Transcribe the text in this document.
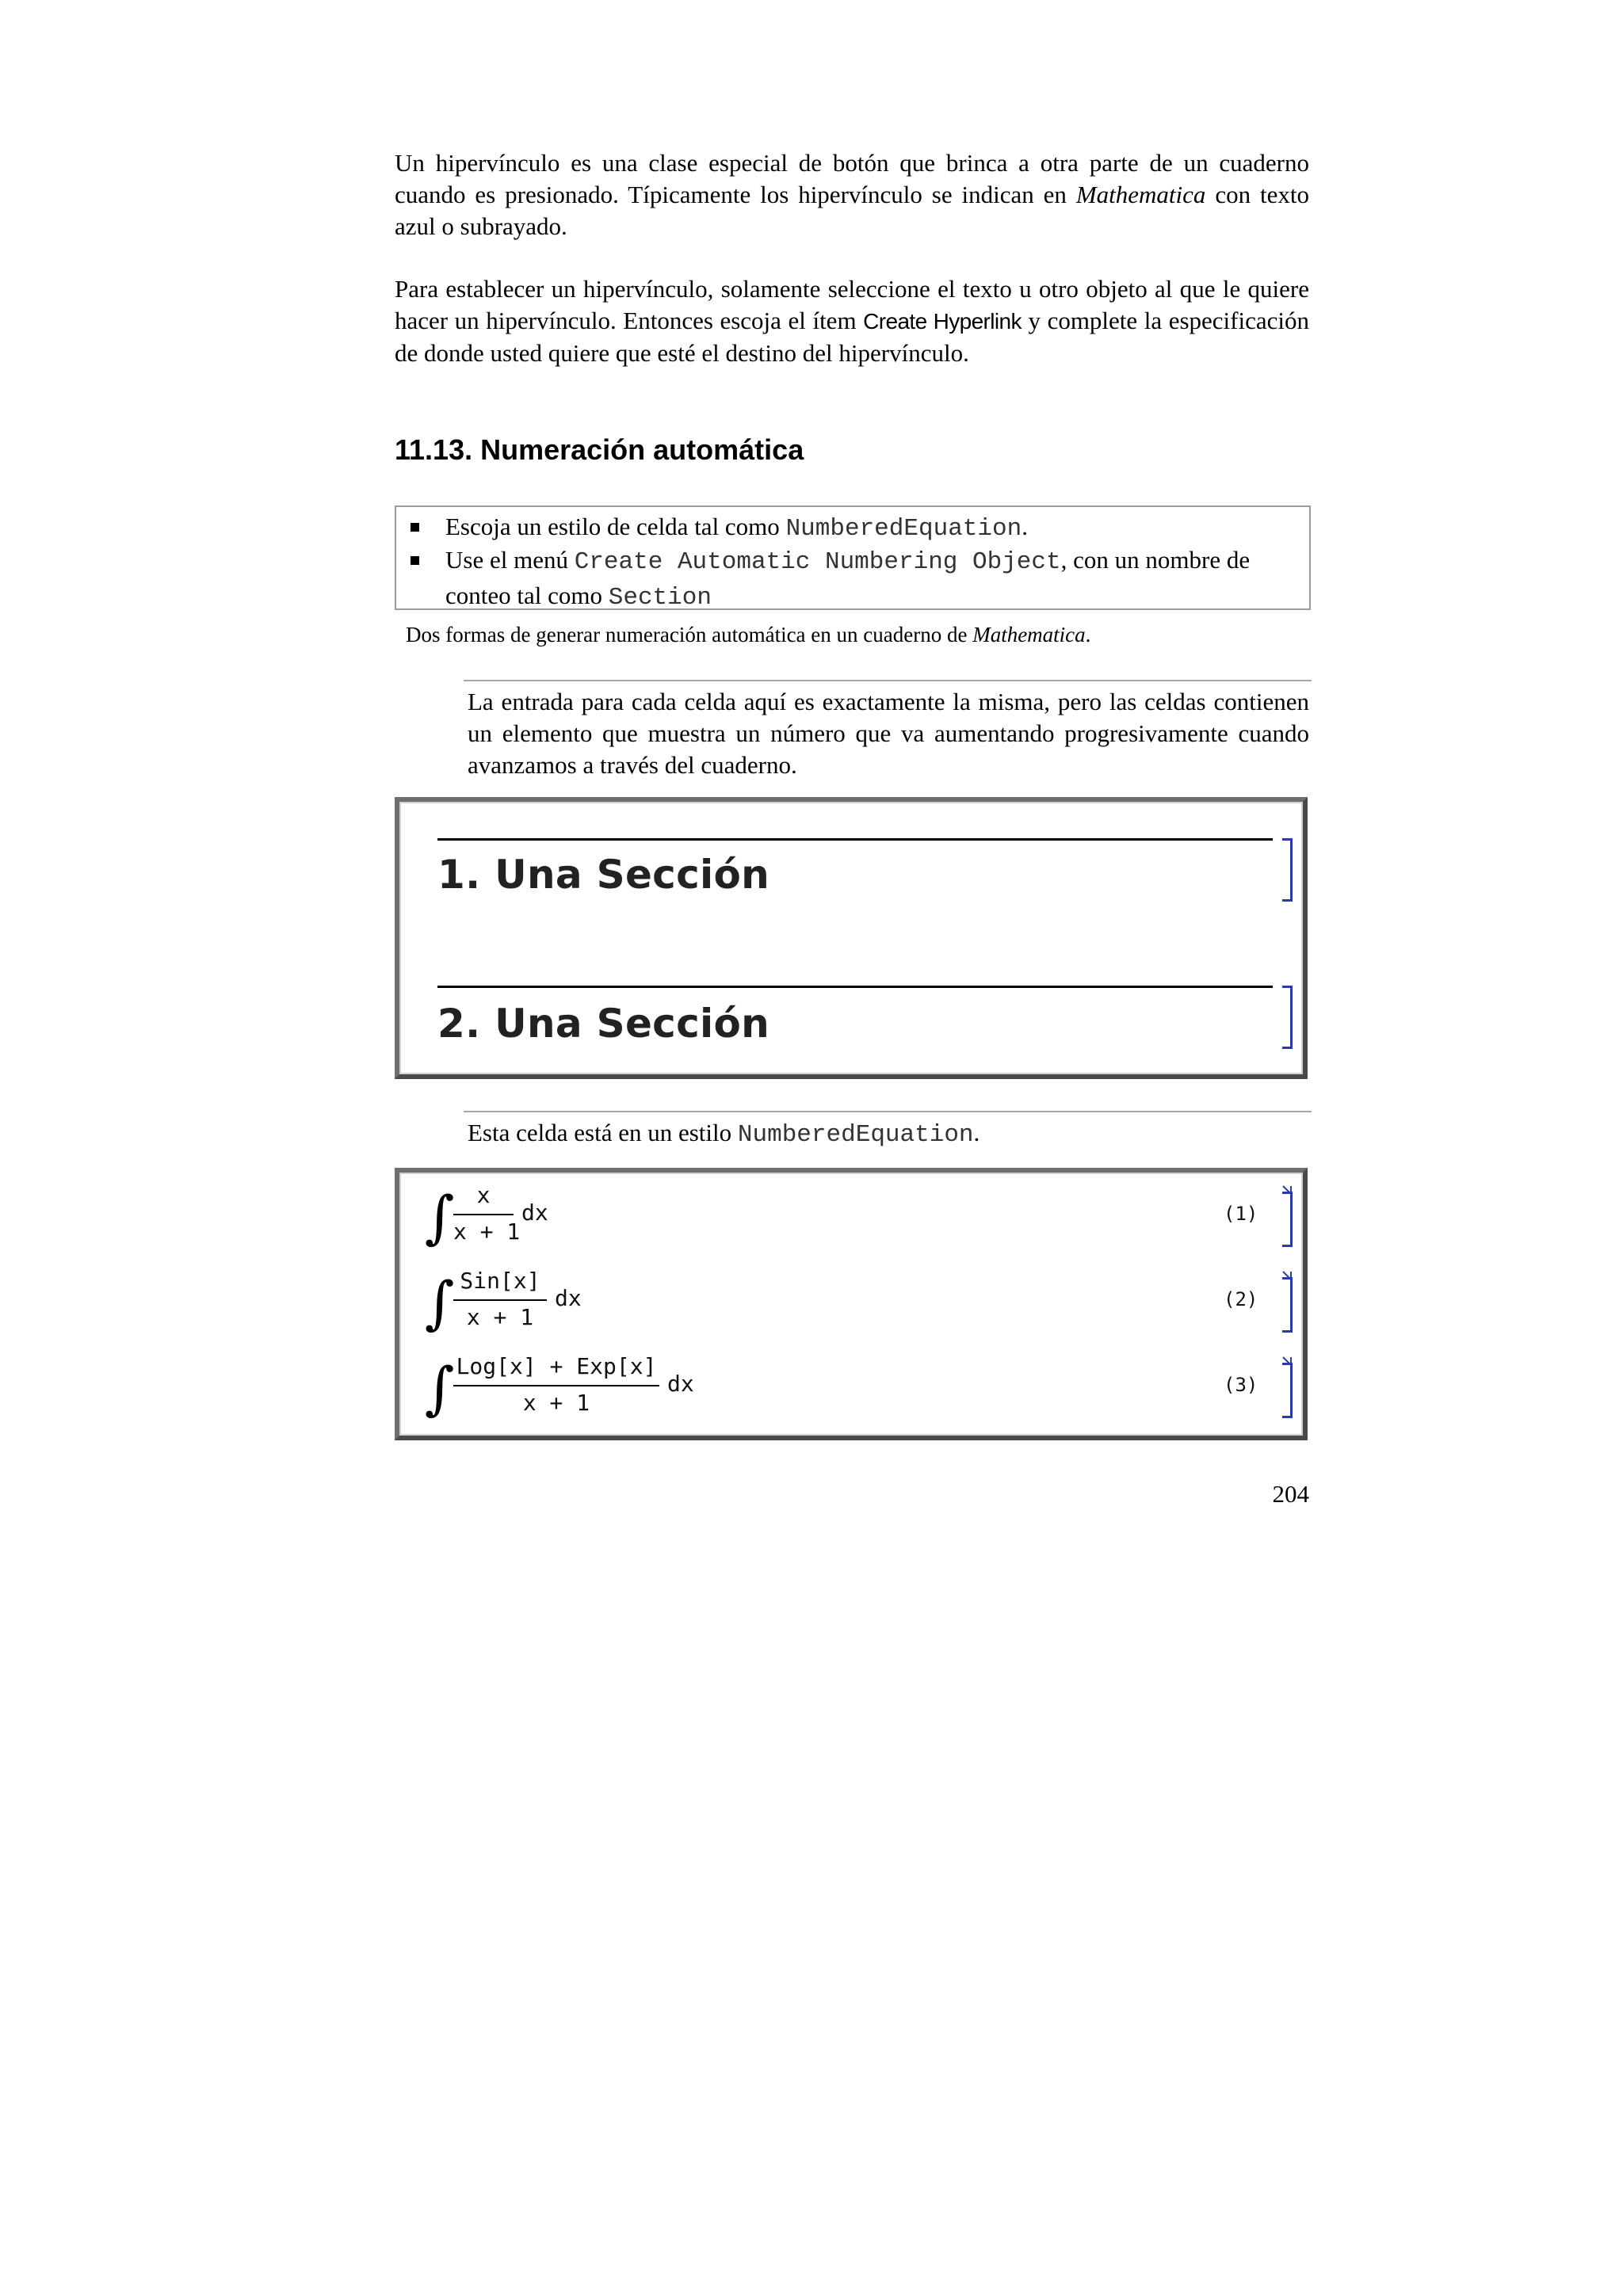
Un hipervínculo es una clase especial de botón que brinca a otra parte de un cuaderno cuando es presionado. Típicamente los hipervínculo se indican en Mathematica con texto azul o subrayado.

Para establecer un hipervínculo, solamente seleccione el texto u otro objeto al que le quiere hacer un hipervínculo. Entonces escoja el ítem Create Hyperlink y complete la especificación de donde usted quiere que esté el destino del hipervínculo.

11.13. Numeración automática
Escoja un estilo de celda tal como NumberedEquation.
Use el menú Create Automatic Numbering Object, con un nombre de conteo tal como Section
Dos formas de generar numeración automática en un cuaderno de Mathematica.

La entrada para cada celda aquí es exactamente la misma, pero las celdas contienen un elemento que muestra un número que va aumentando progresivamente cuando avanzamos a través del cuaderno.

1. Una Sección
2. Una Sección

Esta celda está en un estilo NumberedEquation.

∫	x
x + 1
dx	(1)
∫ Sin[x]
x + 1
dx	(2)
∫ Log[x] + Exp[x]
x + 1
dx	(3)
204
